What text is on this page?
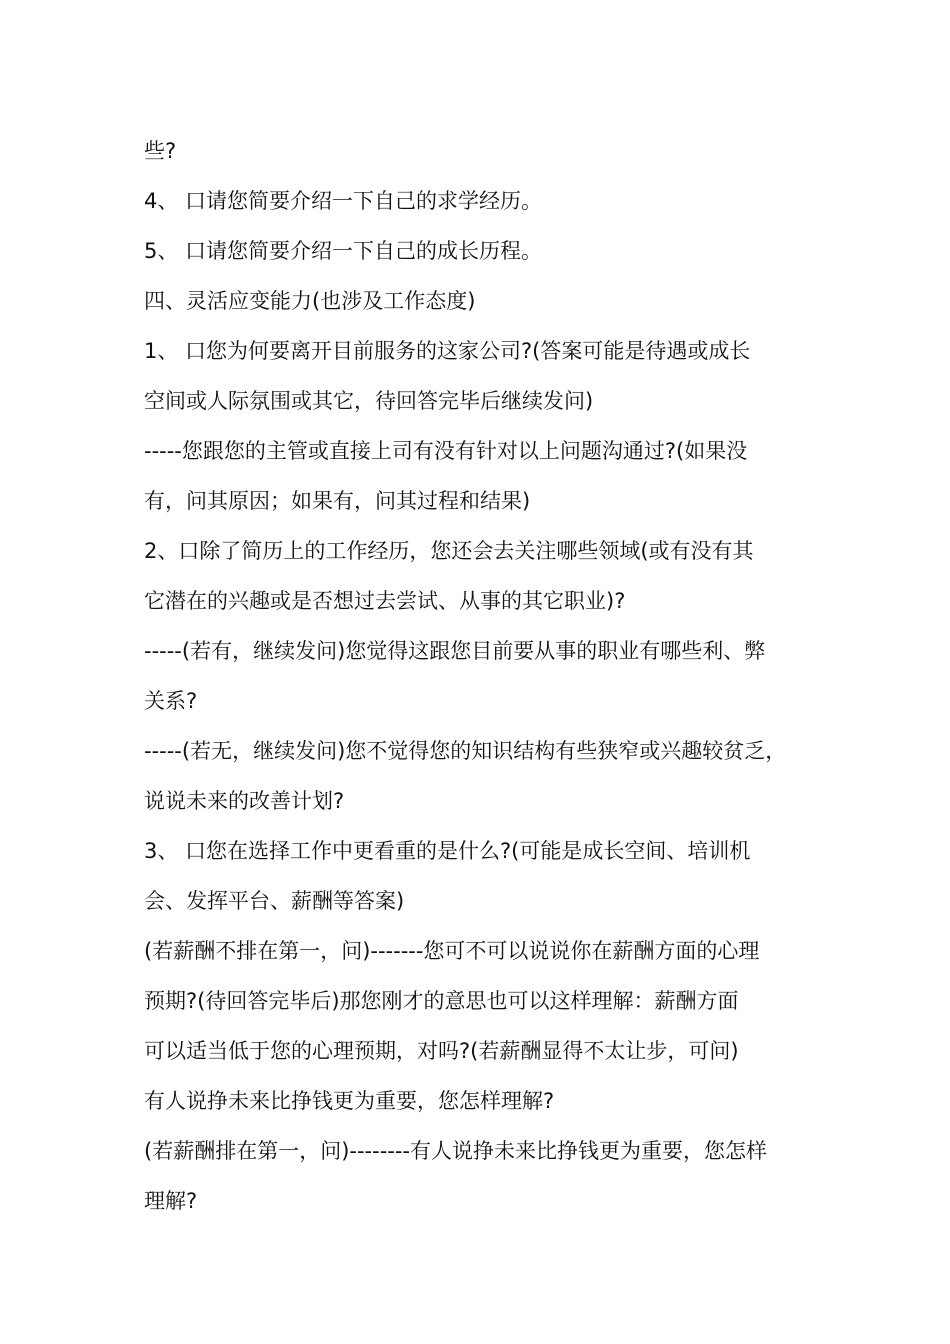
些?
4、 口请您简要介绍一下自己的求学经历。
5、 口请您简要介绍一下自己的成长历程。
四、灵活应变能力(也涉及工作态度)
1、 口您为何要离开目前服务的这家公司?(答案可能是待遇或成长
空间或人际氛围或其它，待回答完毕后继续发问)
-----您跟您的主管或直接上司有没有针对以上问题沟通过?(如果没
有，问其原因；如果有，问其过程和结果)
2、口除了简历上的工作经历，您还会去关注哪些领域(或有没有其
它潜在的兴趣或是否想过去尝试、从事的其它职业)?
-----(若有，继续发问)您觉得这跟您目前要从事的职业有哪些利、弊
关系?
-----(若无，继续发问)您不觉得您的知识结构有些狭窄或兴趣较贫乏，
说说未来的改善计划?
3、 口您在选择工作中更看重的是什么?(可能是成长空间、培训机
会、发挥平台、薪酬等答案)
(若薪酬不排在第一，问)-------您可不可以说说你在薪酬方面的心理
预期?(待回答完毕后)那您刚才的意思也可以这样理解：薪酬方面
可以适当低于您的心理预期，对吗?(若薪酬显得不太让步，可问)
有人说挣未来比挣钱更为重要，您怎样理解?
(若薪酬排在第一，问)--------有人说挣未来比挣钱更为重要，您怎样
理解?
